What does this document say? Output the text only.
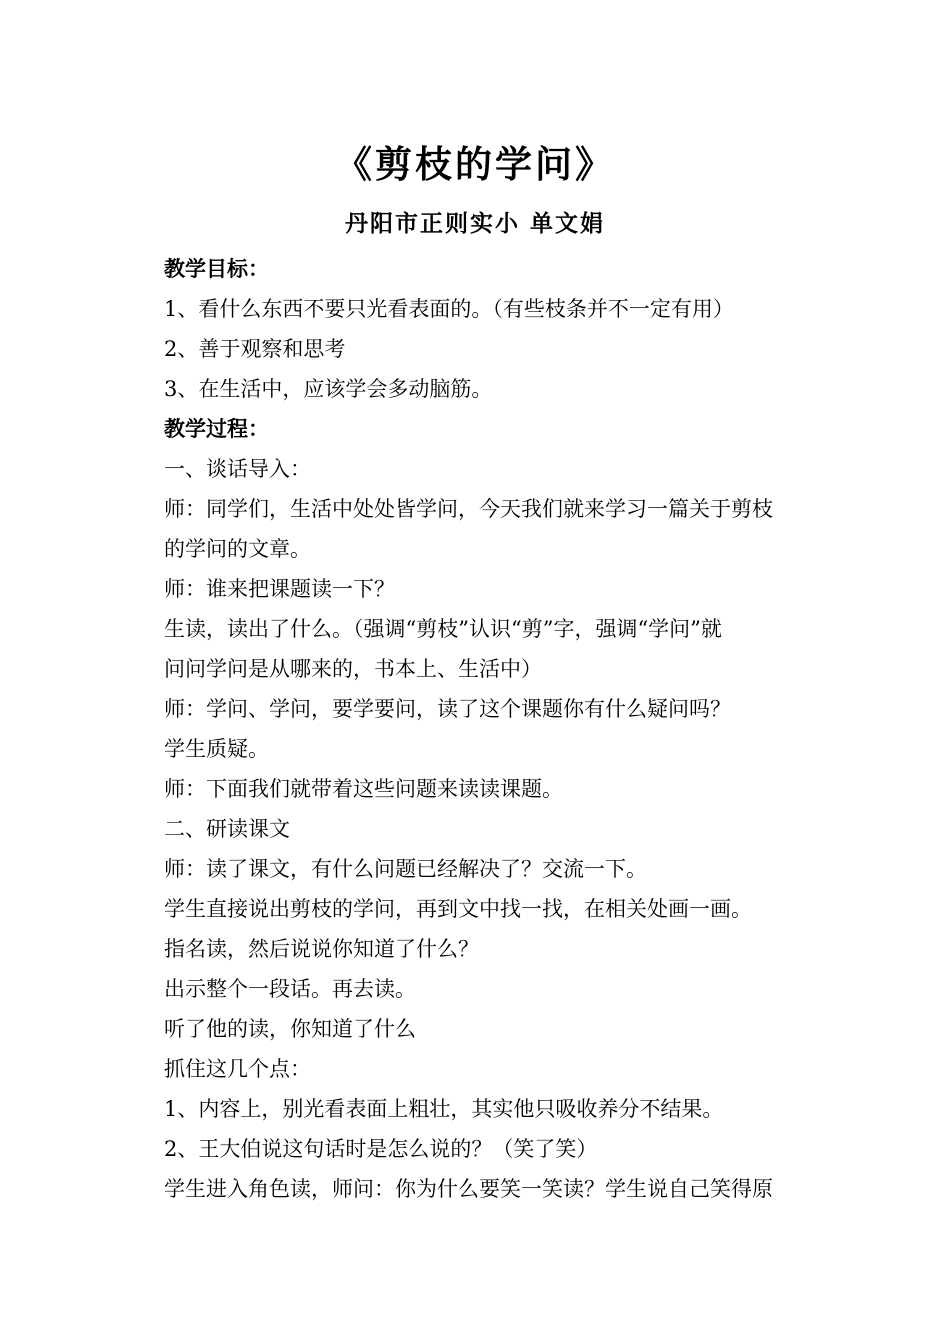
《剪枝的学问》
丹阳市正则实小 单文娟
教学目标：
1、看什么东西不要只光看表面的。（有些枝条并不一定有用）
2、善于观察和思考
3、在生活中，应该学会多动脑筋。
教学过程：
一、谈话导入：
师：同学们，生活中处处皆学问，今天我们就来学习一篇关于剪枝
的学问的文章。
师：谁来把课题读一下？
生读，读出了什么。（强调“剪枝”认识“剪”字，强调“学问”就
问问学问是从哪来的，书本上、生活中）
师：学问、学问，要学要问，读了这个课题你有什么疑问吗？
学生质疑。
师：下面我们就带着这些问题来读读课题。
二、研读课文
师：读了课文，有什么问题已经解决了？交流一下。
学生直接说出剪枝的学问，再到文中找一找，在相关处画一画。
指名读，然后说说你知道了什么？
出示整个一段话。再去读。
听了他的读，你知道了什么
抓住这几个点：
1、内容上，别光看表面上粗壮，其实他只吸收养分不结果。
2、王大伯说这句话时是怎么说的？（笑了笑）
学生进入角色读，师问：你为什么要笑一笑读？学生说自己笑得原
